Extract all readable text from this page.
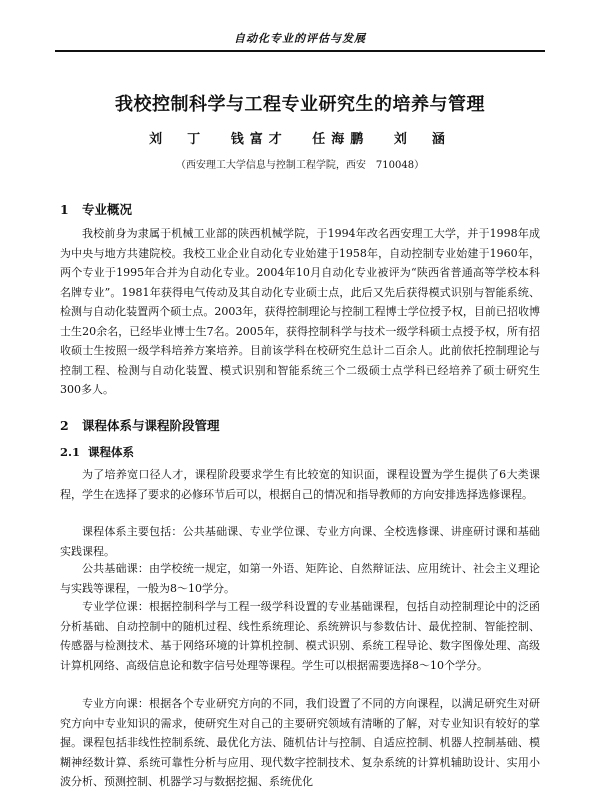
自动化专业的评估与发展
我校控制科学与工程专业研究生的培养与管理
刘　丁 钱富才 任海鹏 刘　涵
（西安理工大学信息与控制工程学院，西安　710048）
1 专业概况

我校前身为隶属于机械工业部的陕西机械学院，于1994年改名西安理工大学，并于1998年成为中央与地方共建院校。我校工业企业自动化专业始建于1958年，自动控制专业始建于1960年，两个专业于1995年合并为自动化专业。2004年10月自动化专业被评为“陕西省普通高等学校本科名牌专业”。1981年获得电气传动及其自动化专业硕士点，此后又先后获得模式识别与智能系统、检测与自动化装置两个硕士点。2003年，获得控制理论与控制工程博士学位授予权，目前已招收博士生20余名，已经毕业博士生7名。2005年，获得控制科学与技术一级学科硕士点授予权，所有招收硕士生按照一级学科培养方案培养。目前该学科在校研究生总计二百余人。此前依托控制理论与控制工程、检测与自动化装置、模式识别和智能系统三个二级硕士点学科已经培养了硕士研究生300多人。

2 课程体系与课程阶段管理
2.1 课程体系

为了培养宽口径人才，课程阶段要求学生有比较宽的知识面，课程设置为学生提供了6大类课程，学生在选择了要求的必修环节后可以，根据自己的情况和指导教师的方向安排选择选修课程。

课程体系主要包括：公共基础课、专业学位课、专业方向课、全校选修课、讲座研讨课和基础实践课程。

公共基础课：由学校统一规定，如第一外语、矩阵论、自然辩证法、应用统计、社会主义理论与实践等课程，一般为8～10学分。

专业学位课：根据控制科学与工程一级学科设置的专业基础课程，包括自动控制理论中的泛函分析基础、自动控制中的随机过程、线性系统理论、系统辨识与参数估计、最优控制、智能控制、传感器与检测技术、基于网络环境的计算机控制、模式识别、系统工程导论、数字图像处理、高级计算机网络、高级信息论和数字信号处理等课程。学生可以根据需要选择8～10个学分。

专业方向课：根据各个专业研究方向的不同，我们设置了不同的方向课程，以满足研究生对研究方向中专业知识的需求，使研究生对自己的主要研究领域有清晰的了解，对专业知识有较好的掌握。课程包括非线性控制系统、最优化方法、随机估计与控制、自适应控制、机器人控制基础、模糊神经数计算、系统可靠性分析与应用、现代数字控制技术、复杂系统的计算机辅助设计、实用小波分析、预测控制、机器学习与数据挖掘、系统优化
